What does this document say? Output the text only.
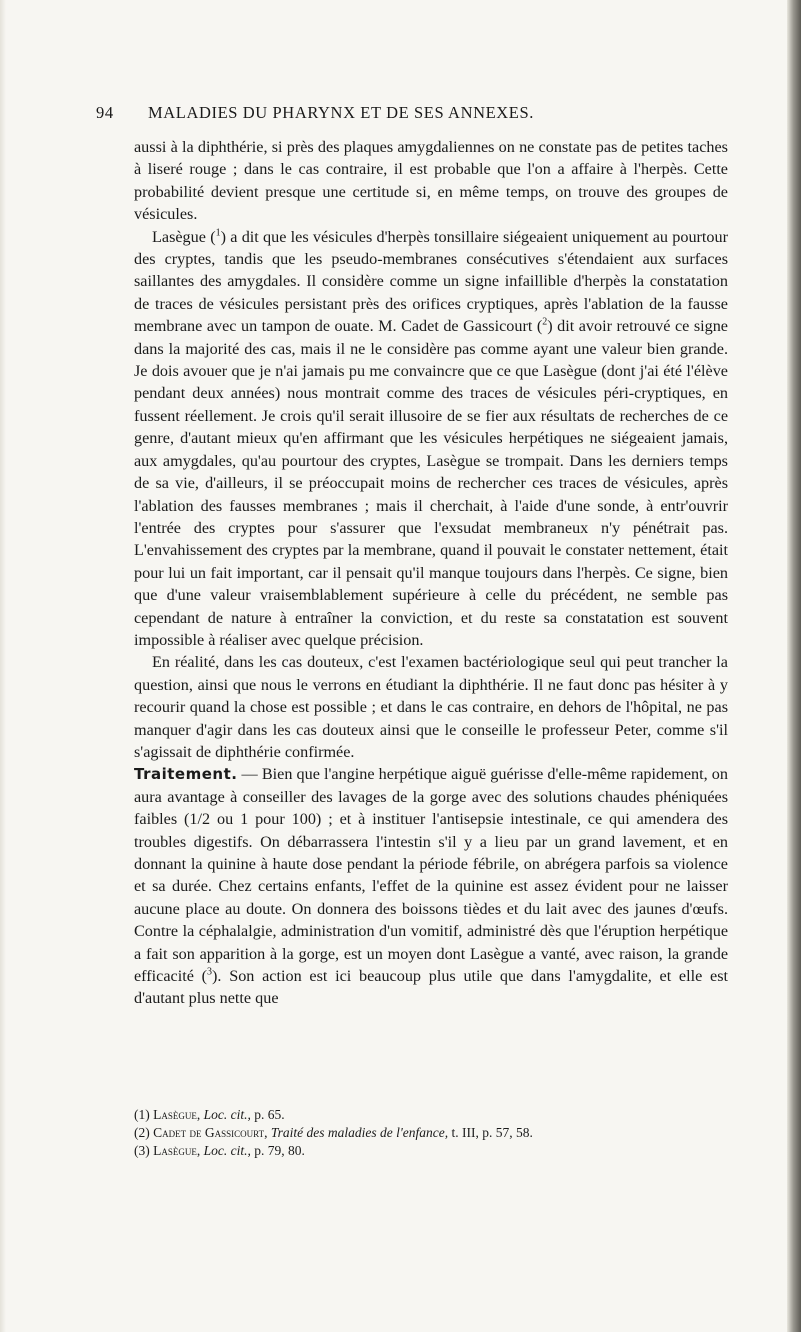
94 MALADIES DU PHARYNX ET DE SES ANNEXES.

aussi à la diphthérie, si près des plaques amygdaliennes on ne constate pas de petites taches à liseré rouge ; dans le cas contraire, il est probable que l'on a affaire à l'herpès. Cette probabilité devient presque une certitude si, en même temps, on trouve des groupes de vésicules.

Lasègue ($^1$) a dit que les vésicules d'herpès tonsillaire siégeaient uniquement au pourtour des cryptes, tandis que les pseudo-membranes consécutives s'étendaient aux surfaces saillantes des amygdales. Il considère comme un signe infaillible d'herpès la constatation de traces de vésicules persistant près des orifices cryptiques, après l'ablation de la fausse membrane avec un tampon de ouate. M. Cadet de Gassicourt ($^2$) dit avoir retrouvé ce signe dans la majorité des cas, mais il ne le considère pas comme ayant une valeur bien grande. Je dois avouer que je n'ai jamais pu me convaincre que ce que Lasègue (dont j'ai été l'élève pendant deux années) nous montrait comme des traces de vésicules péri-cryptiques, en fussent réellement. Je crois qu'il serait illusoire de se fier aux résultats de recherches de ce genre, d'autant mieux qu'en affirmant que les vésicules herpétiques ne siégeaient jamais, aux amygdales, qu'au pourtour des cryptes, Lasègue se trompait. Dans les derniers temps de sa vie, d'ailleurs, il se préoccupait moins de rechercher ces traces de vésicules, après l'ablation des fausses membranes ; mais il cherchait, à l'aide d'une sonde, à entr'ouvrir l'entrée des cryptes pour s'assurer que l'exsudat membraneux n'y pénétrait pas. L'envahissement des cryptes par la membrane, quand il pouvait le constater nettement, était pour lui un fait important, car il pensait qu'il manque toujours dans l'herpès. Ce signe, bien que d'une valeur vraisemblablement supérieure à celle du précédent, ne semble pas cependant de nature à entraîner la conviction, et du reste sa constatation est souvent impossible à réaliser avec quelque précision.

En réalité, dans les cas douteux, c'est l'examen bactériologique seul qui peut trancher la question, ainsi que nous le verrons en étudiant la diphthérie. Il ne faut donc pas hésiter à y recourir quand la chose est possible ; et dans le cas contraire, en dehors de l'hôpital, ne pas manquer d'agir dans les cas douteux ainsi que le conseille le professeur Peter, comme s'il s'agissait de diphthérie confirmée.

Traitement. — Bien que l'angine herpétique aiguë guérisse d'elle-même rapidement, on aura avantage à conseiller des lavages de la gorge avec des solutions chaudes phéniquées faibles (1/2 ou 1 pour 100) ; et à instituer l'antisepsie intestinale, ce qui amendera des troubles digestifs. On débarrassera l'intestin s'il y a lieu par un grand lavement, et en donnant la quinine à haute dose pendant la période fébrile, on abrégera parfois sa violence et sa durée. Chez certains enfants, l'effet de la quinine est assez évident pour ne laisser aucune place au doute. On donnera des boissons tièdes et du lait avec des jaunes d'œufs. Contre la céphalalgie, administration d'un vomitif, administré dès que l'éruption herpétique a fait son apparition à la gorge, est un moyen dont Lasègue a vanté, avec raison, la grande efficacité ($^3$). Son action est ici beaucoup plus utile que dans l'amygdalite, et elle est d'autant plus nette que

(1) Lasègue, Loc. cit., p. 65.
(2) Cadet de Gassicourt, Traité des maladies de l'enfance, t. III, p. 57, 58.
(3) Lasègue, Loc. cit., p. 79, 80.
